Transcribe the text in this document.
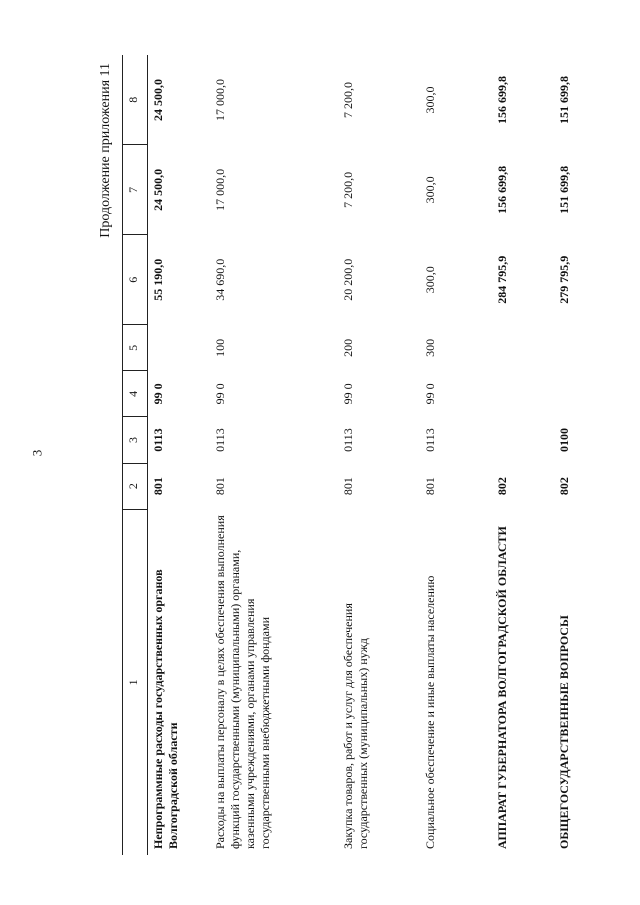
3
Продолжение приложения 11
1	2	3	4	5	6	7	8
Непрограммные расходы государственных органов Волгоградской области	801	0113	99 0		55 190,0	24 500,0	24 500,0
Расходы на выплаты персоналу в целях обеспечения выполнения функций государственными (муниципальными) органами, казенными учреждениями, органами управления государственными внебюджетными фондами	801	0113	99 0	100	34 690,0	17 000,0	17 000,0
Закупка товаров, работ и услуг для обеспечения государственных (муниципальных) нужд	801	0113	99 0	200	20 200,0	7 200,0	7 200,0
Социальное обеспечение и иные выплаты населению	801	0113	99 0	300	300,0	300,0	300,0
АППАРАТ ГУБЕРНАТОРА ВОЛГОГРАДСКОЙ ОБЛАСТИ	802				284 795,9	156 699,8	156 699,8
ОБЩЕГОСУДАРСТВЕННЫЕ ВОПРОСЫ	802	0100			279 795,9	151 699,8	151 699,8
